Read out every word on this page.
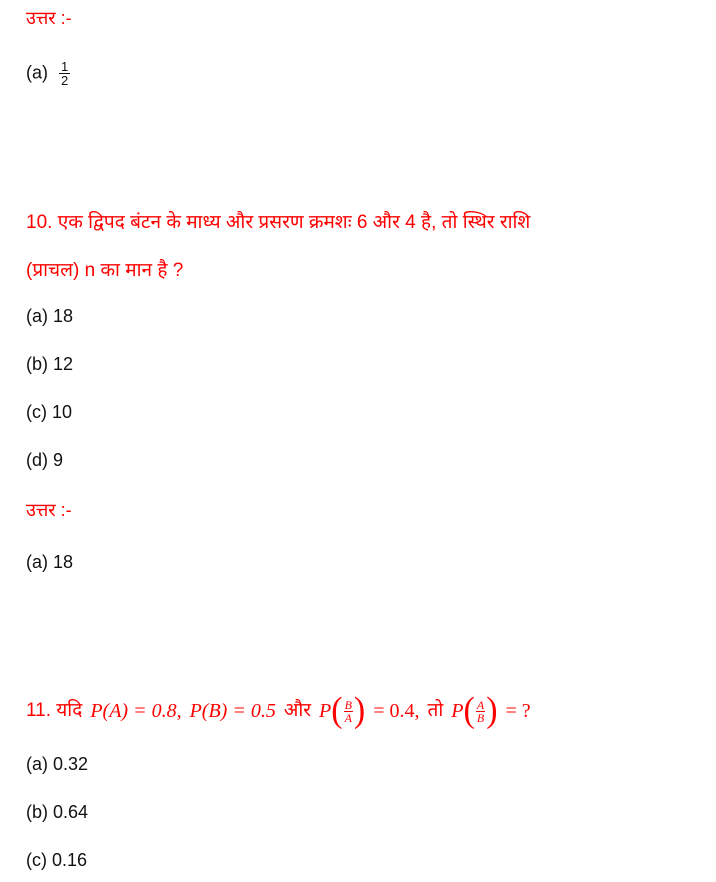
उत्तर :-
$(a) \frac{1}{2}$
10. एक द्विपद बंटन के माध्य और प्रसरण क्रमशः 6 और 4 है, तो स्थिर राशि
(प्राचल) n का मान है ?
(a) 18
(b) 12
(c) 10
(d) 9
उत्तर :-
(a) 18
11. यदि P(A) = 0.8, P(B) = 0.5 और P ( B
A ) = 0.4, तो P ( A
B ) = ?
(a) 0.32
(b) 0.64
(c) 0.16
